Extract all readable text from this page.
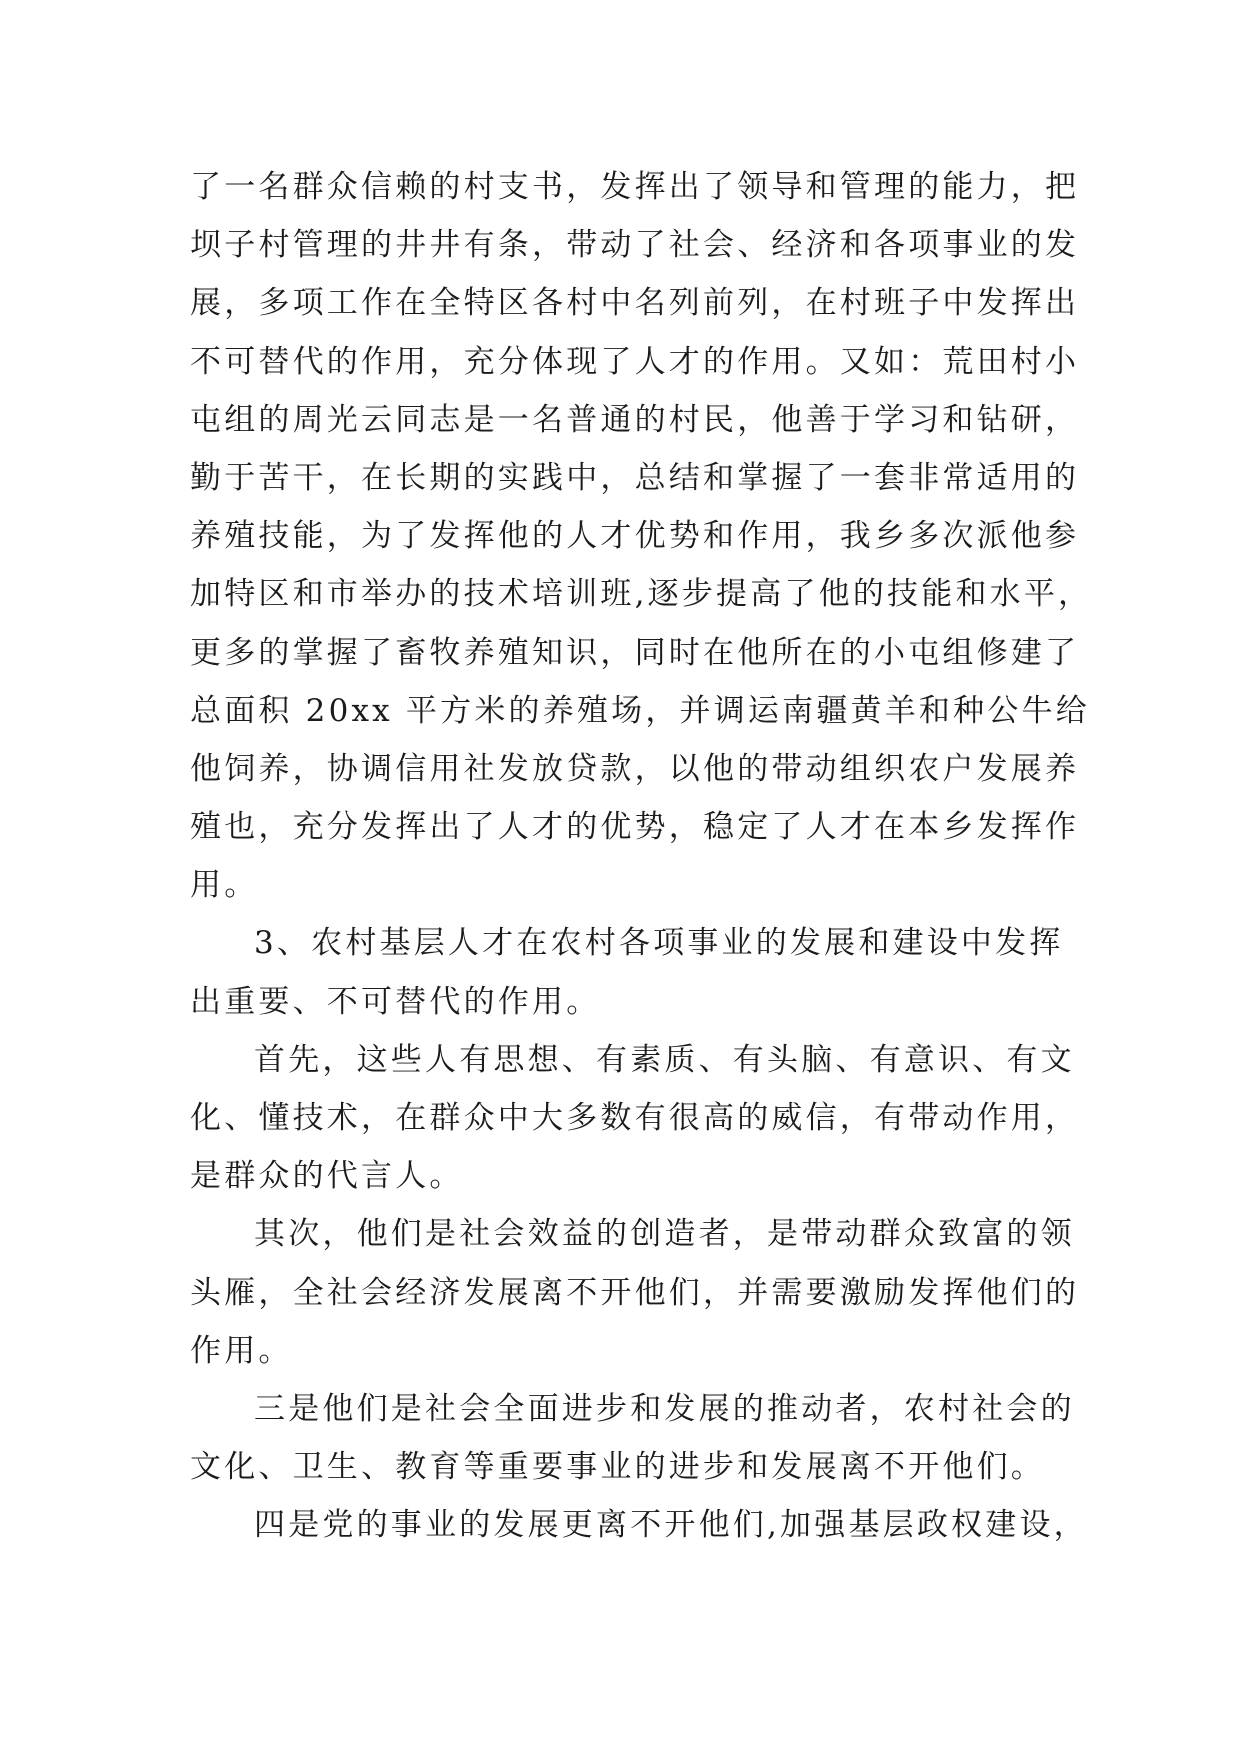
了一名群众信赖的村支书，发挥出了领导和管理的能力，把
坝子村管理的井井有条，带动了社会、经济和各项事业的发
展，多项工作在全特区各村中名列前列，在村班子中发挥出
不可替代的作用，充分体现了人才的作用。又如：荒田村小
屯组的周光云同志是一名普通的村民，他善于学习和钻研，
勤于苦干，在长期的实践中，总结和掌握了一套非常适用的
养殖技能，为了发挥他的人才优势和作用，我乡多次派他参
加特区和市举办的技术培训班,逐步提高了他的技能和水平，
更多的掌握了畜牧养殖知识，同时在他所在的小屯组修建了
总面积 20xx 平方米的养殖场，并调运南疆黄羊和种公牛给
他饲养，协调信用社发放贷款，以他的带动组织农户发展养
殖也，充分发挥出了人才的优势，稳定了人才在本乡发挥作
用。
3、农村基层人才在农村各项事业的发展和建设中发挥
出重要、不可替代的作用。
首先，这些人有思想、有素质、有头脑、有意识、有文
化、懂技术，在群众中大多数有很高的威信，有带动作用，
是群众的代言人。
其次，他们是社会效益的创造者，是带动群众致富的领
头雁，全社会经济发展离不开他们，并需要激励发挥他们的
作用。
三是他们是社会全面进步和发展的推动者，农村社会的
文化、卫生、教育等重要事业的进步和发展离不开他们。
四是党的事业的发展更离不开他们,加强基层政权建设，
